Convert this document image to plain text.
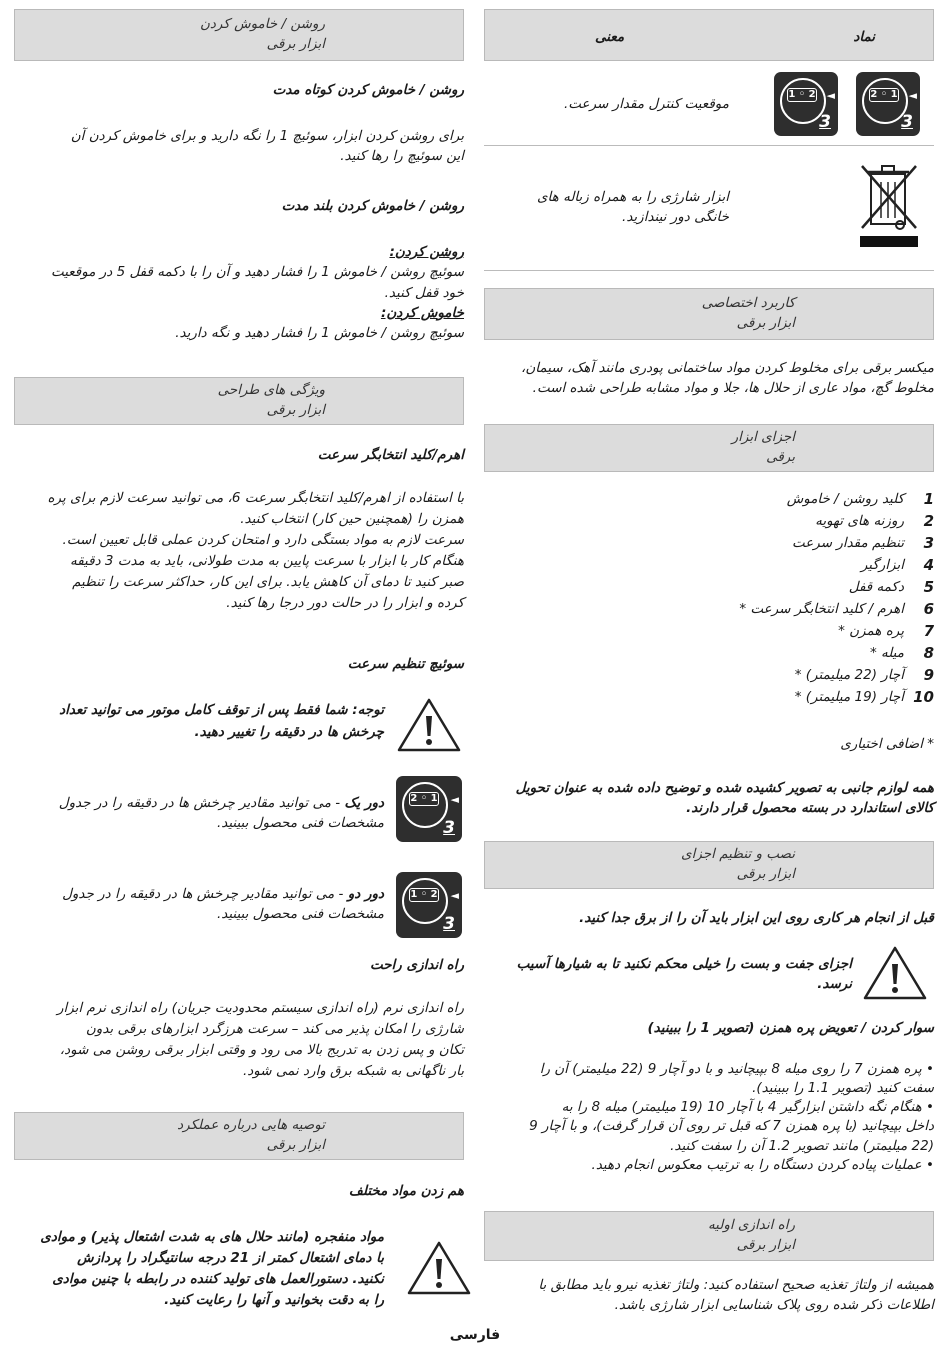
روشن / خاموش کردن
ابزار برقی
روشن / خاموش کردن کوتاه مدت
برای روشن کردن ابزار، سوئیچ 1 را نگه دارید و برای خاموش کردن آن
این سوئیچ را رها کنید.
روشن / خاموش کردن بلند مدت
روشن کردن:
سوئیچ روشن / خاموش 1 را فشار دهید و آن را با دکمه قفل 5 در موقعیت
خود قفل کنید.
خاموش کردن:
سوئیچ روشن / خاموش 1 را فشار دهید و نگه دارید.
ویژگی های طراحی
ابزار برقی
اهرم/کلید انتخابگر سرعت
با استفاده از اهرم/کلید انتخابگر سرعت 6، می توانید سرعت لازم برای پره
همزن را (همچنین حین کار) انتخاب کنید.
سرعت لازم به مواد بستگی دارد و امتحان کردن عملی قابل تعیین است.
هنگام کار با ابزار با سرعت پایین به مدت طولانی، باید به مدت 3 دقیقه
صبر کنید تا دمای آن کاهش یابد. برای این کار، حداکثر سرعت را تنظیم
کرده و ابزار را در حالت دور درجا رها کنید.
سوئیچ تنظیم سرعت
توجه: شما فقط پس از توقف کامل موتور می توانید تعداد
چرخش ها در دقیقه را تغییر دهید.
2 ◦ 1 ◄
3
دور یک - می توانید مقادیر چرخش ها در دقیقه را در جدول
مشخصات فنی محصول ببینید.
1 ◦ 2 ◄
3
دور دو - می توانید مقادیر چرخش ها در دقیقه را در جدول
مشخصات فنی محصول ببینید.
راه اندازی راحت
راه اندازی نرم (راه اندازی سیستم محدودیت جریان) راه اندازی نرم ابزار
شارژی را امکان پذیر می کند – سرعت هرزگرد ابزارهای برقی بدون
تکان و پس زدن به تدریج بالا می رود و وقتی ابزار برقی روشن می شود،
بار ناگهانی به شبکه برق وارد نمی شود.
توصیه هایی درباره عملکرد
ابزار برقی
هم زدن مواد مختلف
مواد منفجره (مانند حلال های به شدت اشتعال پذیر) و موادی
با دمای اشتعال کمتر از 21 درجه سانتیگراد را پردازش
نکنید. دستورالعمل های تولید کننده در رابطه با چنین موادی
را به دقت بخوانید و آنها را رعایت کنید.
معنی	نماد
1 ◦ 2 ◄
3
2 ◦ 1 ◄
3
موقعیت کنترل مقدار سرعت.
ابزار شارژی را به همراه زباله های
خانگی دور نیندازید.
کاربرد اختصاصی
ابزار برقی
میکسر برقی برای مخلوط کردن مواد ساختمانی پودری مانند آهک، سیمان،
مخلوط گچ، مواد عاری از حلال ها، جلا و مواد مشابه طراحی شده است.
اجزای ابزار
برقی
1
کلید روشن / خاموش
2
روزنه های تهویه
3
تنظیم مقدار سرعت
4
ابزارگیر
5
دکمه قفل
6
اهرم / کلید انتخابگر سرعت *
7
پره همزن *
8
میله *
9
آچار (22 میلیمتر) *
10
آچار (19 میلیمتر) *
* اضافی اختیاری
همه لوازم جانبی به تصویر کشیده شده و توضیح داده شده به عنوان تحویل
کالای استاندارد در بسته محصول قرار دارند.
نصب و تنظیم اجزای
ابزار برقی
قبل از انجام هر کاری روی این ابزار باید آن را از برق جدا کنید.
اجزای جفت و بست را خیلی محکم نکنید تا به شیارها آسیب
نرسد.
سوار کردن / تعویض پره همزن (تصویر 1 را ببینید)
• پره همزن 7 را روی میله 8 بپیچانید و با دو آچار 9 (22 میلیمتر) آن را
سفت کنید (تصویر 1.1 را ببینید).
• هنگام نگه داشتن ابزارگیر 4 با آچار 10 (19 میلیمتر) میله 8 را به
داخل بپیچانید (با پره همزن 7 که قبل تر روی آن قرار گرفت)، و با آچار 9
(22 میلیمتر) مانند تصویر 1.2 آن را سفت کنید.
• عملیات پیاده کردن دستگاه را به ترتیب معکوس انجام دهید.
راه اندازی اولیه
ابزار برقی
همیشه از ولتاژ تغذیه صحیح استفاده کنید: ولتاژ تغذیه نیرو باید مطابق با
اطلاعات ذکر شده روی پلاک شناسایی ابزار شارژی باشد.
فارسی
